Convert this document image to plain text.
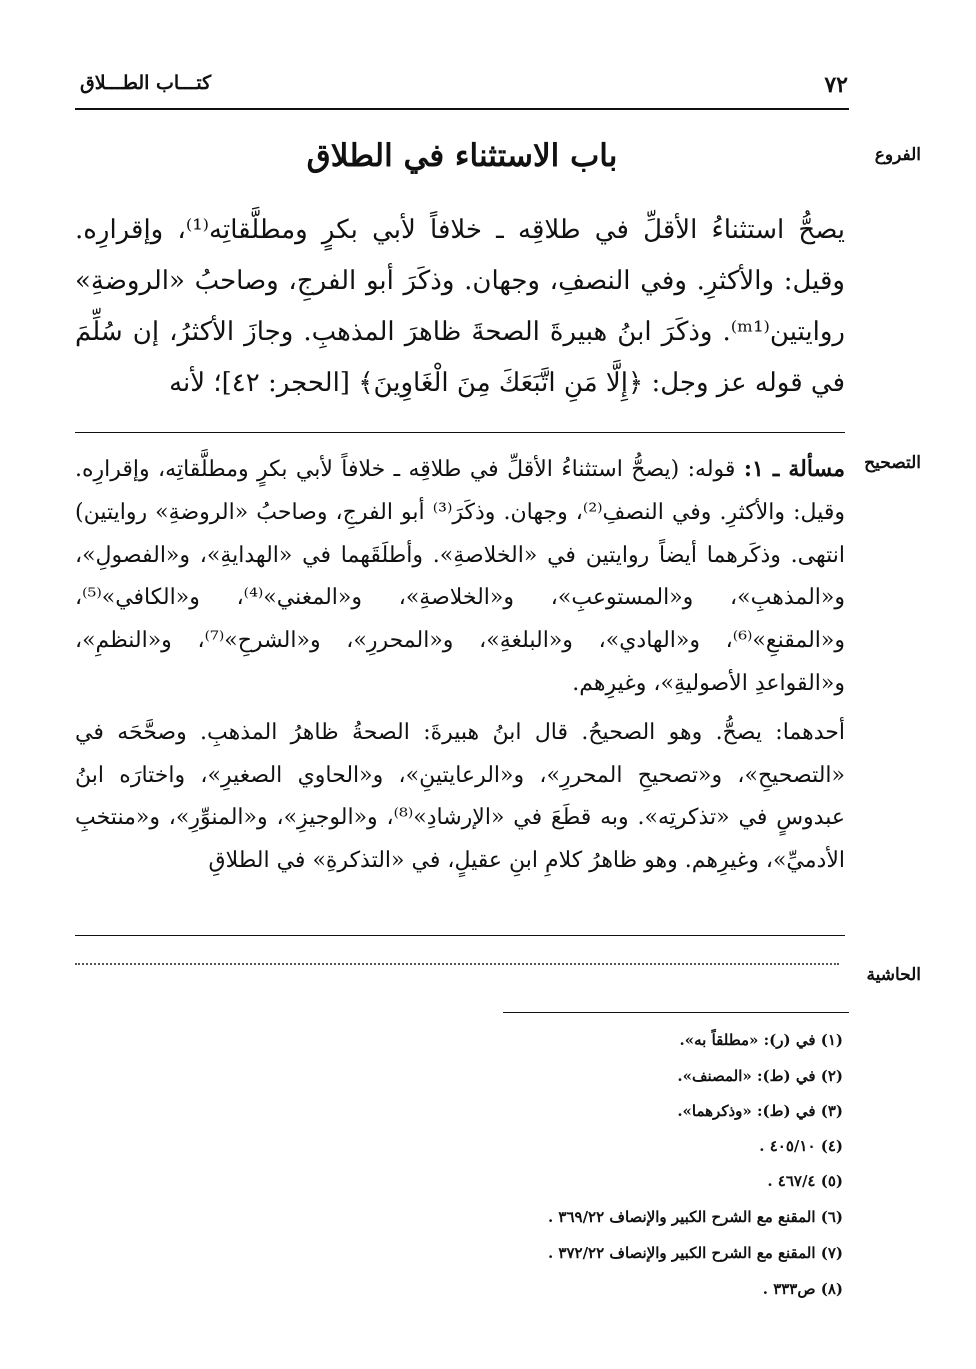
كتـــاب الطـــلاق	٧٢
الفروع
التصحيح
الحاشية
باب الاستثناء في الطلاق
يصحُّ استثناءُ الأقلِّ في طلاقِه ـ خلافاً لأبي بكرٍ ومطلَّقاتِه⁽¹⁾، وإقرارِه. وقيل: والأكثرِ. وفي النصفِ، وجهان. وذكَرَ أبو الفرجِ، وصاحبُ «الروضةِ» روايتين⁽ᵐ¹⁾. وذكَرَ ابنُ هبيرةَ الصحةَ ظاهرَ المذهبِ. وجازَ الأكثرُ، إن سُلِّمَ في قوله عز وجل: ﴿إِلَّا مَنِ اتَّبَعَكَ مِنَ الْغَاوِينَ﴾ [الحجر: ٤٢]؛ لأنه

مسألة ـ ١: قوله: (يصحُّ استثناءُ الأقلِّ في طلاقِه ـ خلافاً لأبي بكرٍ ومطلَّقاتِه، وإقرارِه. وقيل: والأكثرِ. وفي النصفِ⁽²⁾، وجهان. وذكَرَ⁽³⁾ أبو الفرجِ، وصاحبُ «الروضةِ» روايتين) انتهى. وذكَرهما أيضاً روايتين في «الخلاصةِ». وأطلَقَهما في «الهدايةِ»، و«الفصولِ»، و«المذهبِ»، و«المستوعبِ»، و«الخلاصةِ»، و«المغني»⁽⁴⁾، و«الكافي»⁽⁵⁾، و«المقنعِ»⁽⁶⁾، و«الهادي»، و«البلغةِ»، و«المحررِ»، و«الشرحِ»⁽⁷⁾، و«النظمِ»، و«القواعدِ الأصوليةِ»، وغيرِهم.

أحدهما: يصحُّ. وهو الصحيحُ. قال ابنُ هبيرةَ: الصحةُ ظاهرُ المذهبِ. وصحَّحَه في «التصحيحِ»، و«تصحيحِ المحررِ»، و«الرعايتينِ»، و«الحاوي الصغيرِ»، واختارَه ابنُ عبدوسٍ في «تذكرتِه». وبه قطَعَ في «الإرشادِ»⁽⁸⁾، و«الوجيزِ»، و«المنوِّرِ»، و«منتخبِ الأدميِّ»، وغيرِهم. وهو ظاهرُ كلامِ ابنِ عقيلٍ، في «التذكرةِ» في الطلاقِ

(١) في (ر): «مطلقاً به».
(٢) في (ط): «المصنف».
(٣) في (ط): «وذكرهما».
(٤) ٤٠٥/١٠ .
(٥) ٤٦٧/٤ .
(٦) المقنع مع الشرح الكبير والإنصاف ٣٦٩/٢٢ .
(٧) المقنع مع الشرح الكبير والإنصاف ٣٧٢/٢٢ .
(٨) ص٣٣٣ .
